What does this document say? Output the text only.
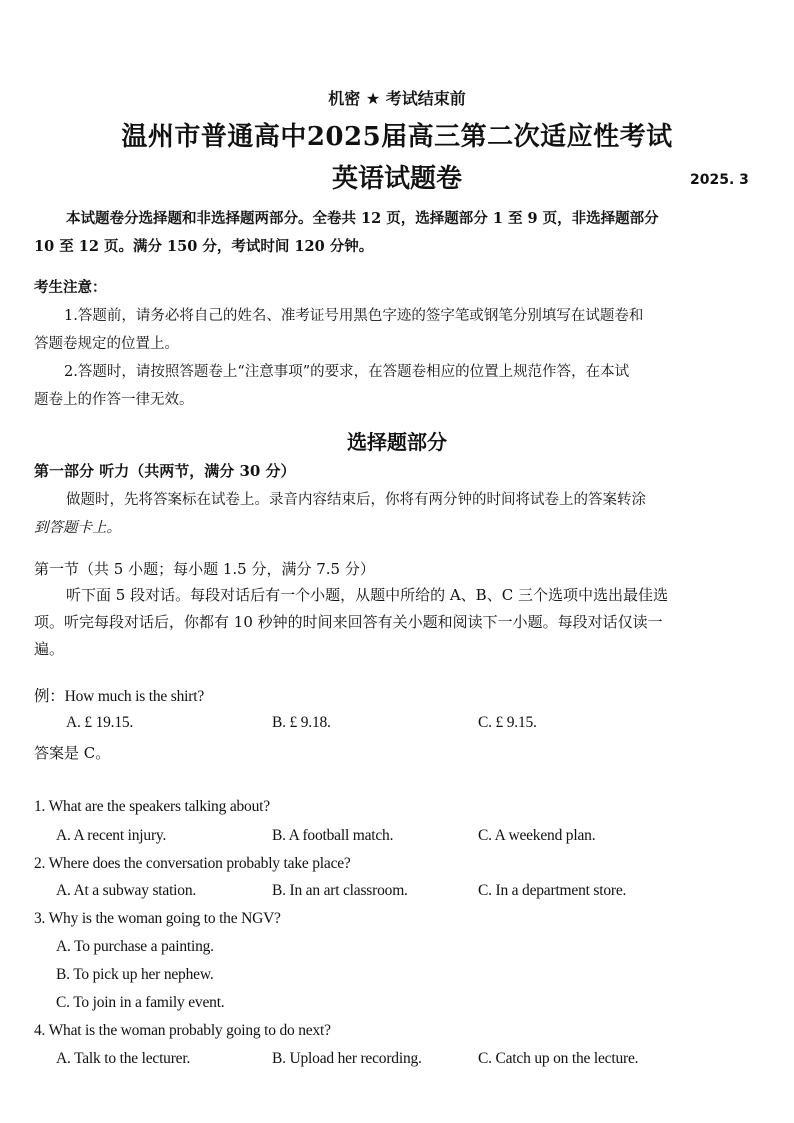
机密 ★ 考试结束前
温州市普通高中2025届高三第二次适应性考试
英语试题卷	2025. 3
本试题卷分选择题和非选择题两部分。全卷共 12 页，选择题部分 1 至 9 页，非选择题部分
10 至 12 页。满分 150 分，考试时间 120 分钟。
考生注意：
1.答题前，请务必将自己的姓名、准考证号用黑色字迹的签字笔或钢笔分别填写在试题卷和
答题卷规定的位置上。
2.答题时，请按照答题卷上“注意事项”的要求，在答题卷相应的位置上规范作答，在本试
题卷上的作答一律无效。
选择题部分
第一部分 听力（共两节，满分 30 分）
做题时，先将答案标在试卷上。录音内容结束后，你将有两分钟的时间将试卷上的答案转涂
到答题卡上。
第一节（共 5 小题；每小题 1.5 分，满分 7.5 分）
听下面 5 段对话。每段对话后有一个小题，从题中所给的 A、B、C 三个选项中选出最佳选
项。听完每段对话后，你都有 10 秒钟的时间来回答有关小题和阅读下一小题。每段对话仅读一
遍。
例：How much is the shirt?
A. £ 19.15.	B. £ 9.18.	C. £ 9.15.
答案是 C。
1. What are the speakers talking about?
A. A recent injury.	B. A football match.	C. A weekend plan.
2. Where does the conversation probably take place?
A. At a subway station.	B. In an art classroom.	C. In a department store.
3. Why is the woman going to the NGV?
A. To purchase a painting.
B. To pick up her nephew.
C. To join in a family event.
4. What is the woman probably going to do next?
A. Talk to the lecturer.	B. Upload her recording.	C. Catch up on the lecture.
